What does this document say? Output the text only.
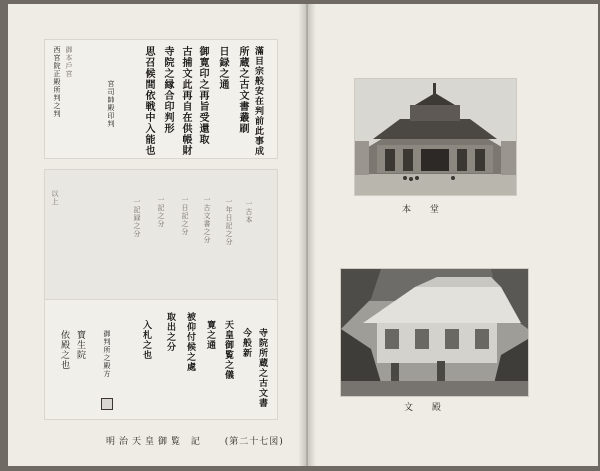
滿目宗般安在判前此事成
所蔵之古文書叢刷
日録之通
御寛印之再旨受還取
古捕文此再自在供帳財
寺院之縁合印判形
思召候間依戦中入能也
宮司帥殿印判
御本戶宮
西宮院正殿所判之判
一古本
一年日記之分
一古文書之分
一日記之分
一記之分
一記録之分
以上
寺院所蔵之古文書
今般新
天皇御覧之儀
寛之通
被仰付候之處
取出之分
入札之也
御判所之殿方
寶生院
依殿之也
明治天皇御覧 記 (第二十七図)
本 堂
文 殿
